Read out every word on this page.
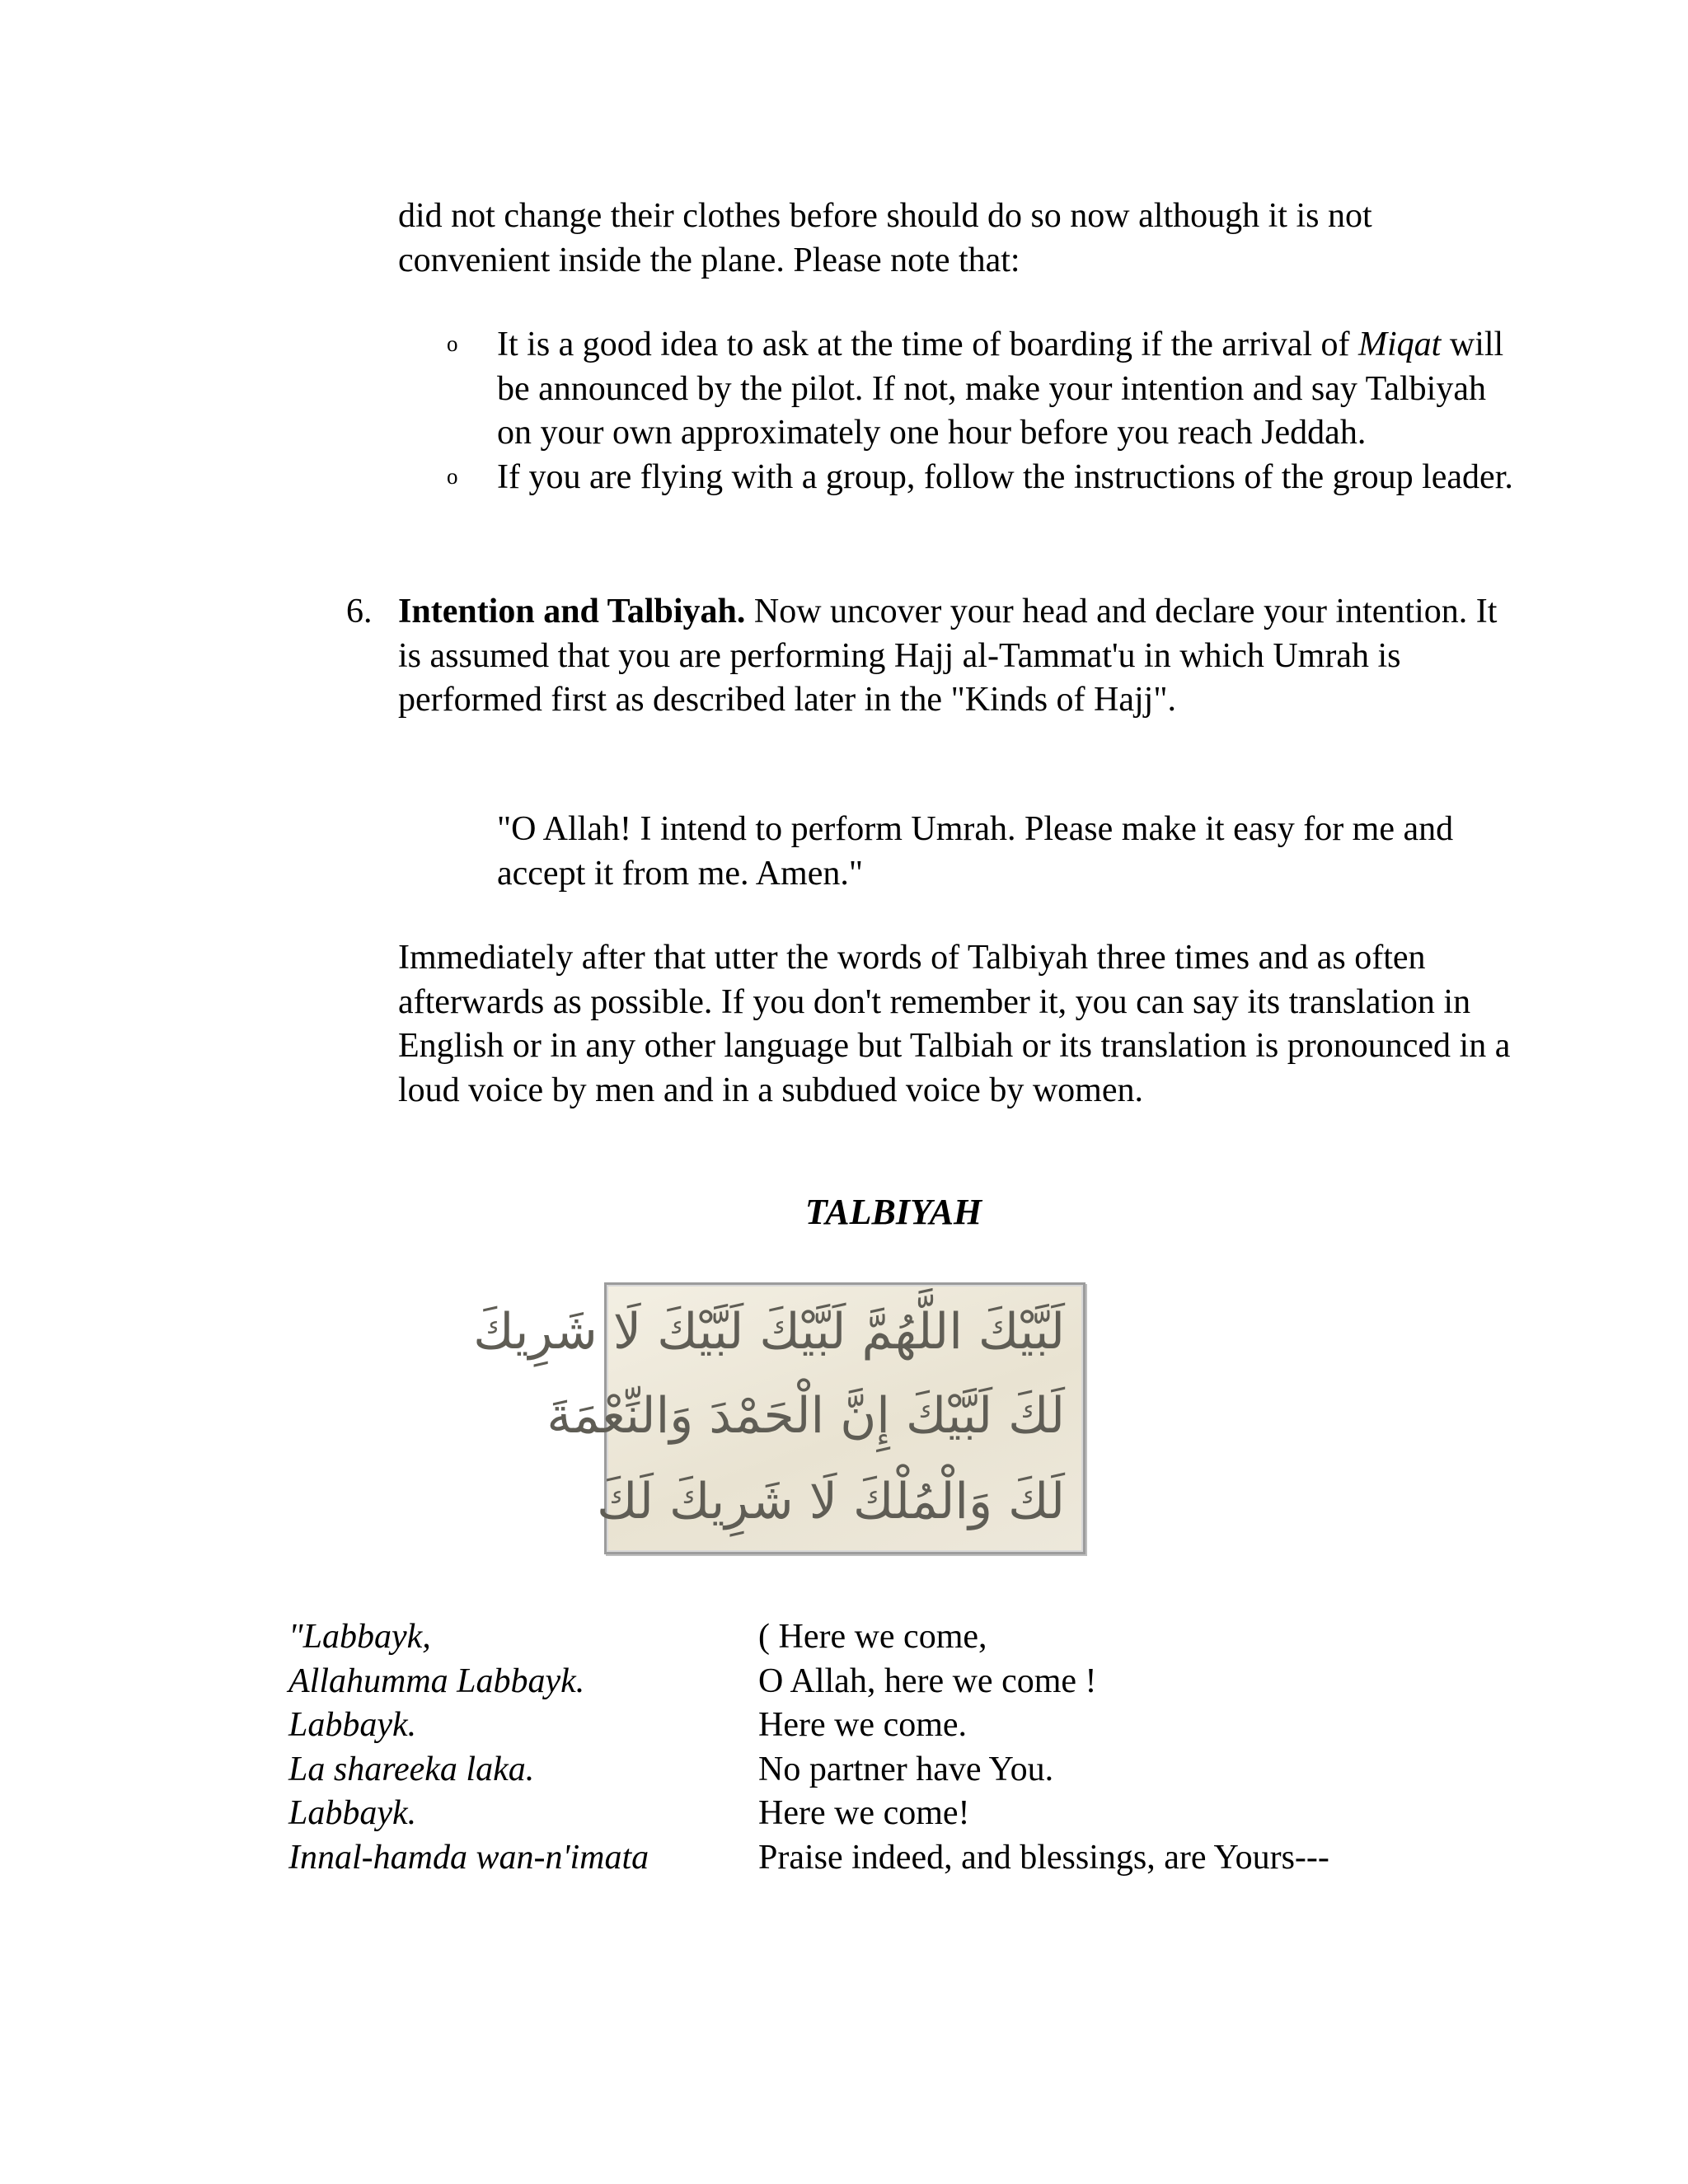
did not change their clothes before should do so now although it is not convenient inside the plane. Please note that:

o It is a good idea to ask at the time of boarding if the arrival of Miqat will be announced by the pilot. If not, make your intention and say Talbiyah on your own approximately one hour before you reach Jeddah.
o If you are flying with a group, follow the instructions of the group leader.
6. Intention and Talbiyah. Now uncover your head and declare your intention. It is assumed that you are performing Hajj al-Tammat'u in which Umrah is performed first as described later in the "Kinds of Hajj".

"O Allah! I intend to perform Umrah. Please make it easy for me and accept it from me. Amen."

Immediately after that utter the words of Talbiyah three times and as often afterwards as possible. If you don't remember it, you can say its translation in English or in any other language but Talbiah or its translation is pronounced in a loud voice by men and in a subdued voice by women.

TALBIYAH
لَبَّيْكَ اللَّهُمَّ لَبَّيْكَ لَبَّيْكَ لَا شَرِيكَ
لَكَ لَبَّيْكَ إِنَّ الْحَمْدَ وَالنِّعْمَةَ
لَكَ وَالْمُلْكَ لَا شَرِيكَ لَكَ
"Labbayk,	( Here we come,
Allahumma Labbayk.	O Allah, here we come !
Labbayk.	Here we come.
La shareeka laka.	No partner have You.
Labbayk.	Here we come!
Innal-hamda wan-n'imata	Praise indeed, and blessings, are Yours---
